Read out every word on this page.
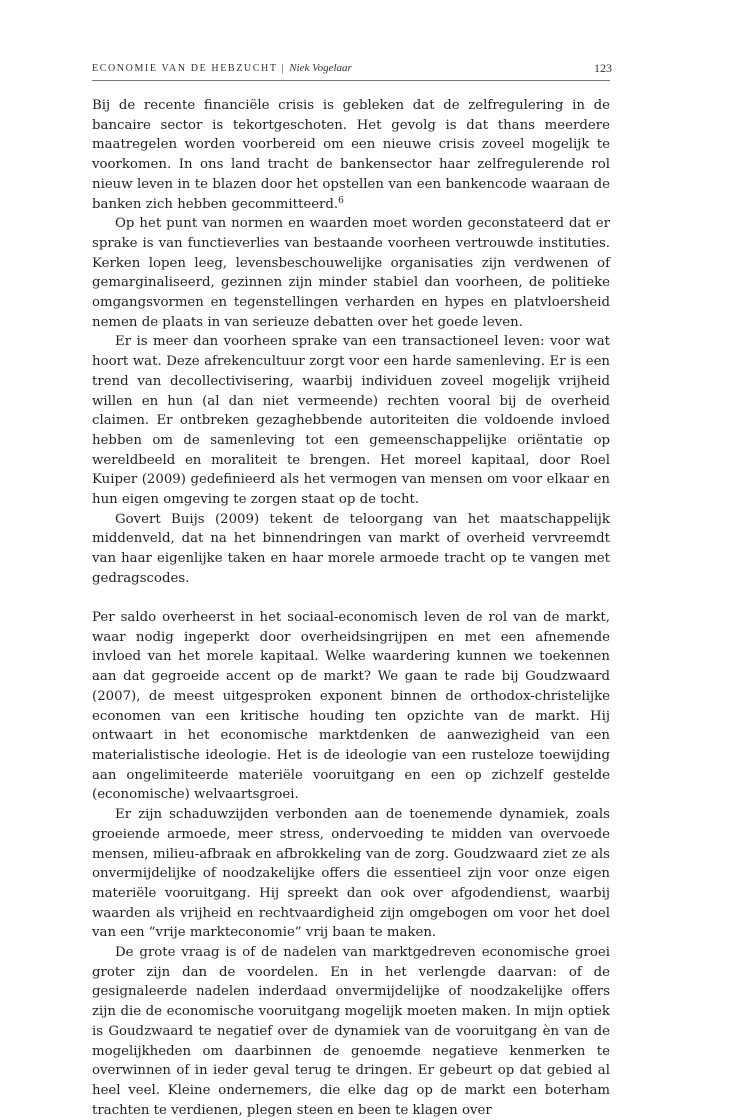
ECONOMIE VAN DE HEBZUCHT | Niek Vogelaar	123

Bij de recente financiële crisis is gebleken dat de zelfregulering in de bancaire sector is tekortgeschoten. Het gevolg is dat thans meerdere maatregelen worden voorbereid om een nieuwe crisis zoveel mogelijk te voorkomen. In ons land tracht de bankensector haar zelfregulerende rol nieuw leven in te blazen door het opstellen van een bankencode waaraan de banken zich hebben gecommitteerd.$^6$

Op het punt van normen en waarden moet worden geconstateerd dat er sprake is van functieverlies van bestaande voorheen vertrouwde instituties. Kerken lopen leeg, levensbeschouwelijke organisaties zijn verdwenen of gemarginaliseerd, gezinnen zijn minder stabiel dan voorheen, de politieke omgangsvormen en tegenstellingen verharden en hypes en platvloersheid nemen de plaats in van serieuze debatten over het goede leven.

Er is meer dan voorheen sprake van een transactioneel leven: voor wat hoort wat. Deze afrekencultuur zorgt voor een harde samenleving. Er is een trend van decollectivisering, waarbij individuen zoveel mogelijk vrijheid willen en hun (al dan niet vermeende) rechten vooral bij de overheid claimen. Er ontbreken gezaghebbende autoriteiten die voldoende invloed hebben om de samenleving tot een gemeenschappelijke oriëntatie op wereldbeeld en moraliteit te brengen. Het moreel kapitaal, door Roel Kuiper (2009) gedefinieerd als het vermogen van mensen om voor elkaar en hun eigen omgeving te zorgen staat op de tocht.

Govert Buijs (2009) tekent de teloorgang van het maatschappelijk middenveld, dat na het binnendringen van markt of overheid vervreemdt van haar eigenlijke taken en haar morele armoede tracht op te vangen met gedragscodes.

Per saldo overheerst in het sociaal-economisch leven de rol van de markt, waar nodig ingeperkt door overheidsingrijpen en met een afnemende invloed van het morele kapitaal. Welke waardering kunnen we toekennen aan dat gegroeide accent op de markt? We gaan te rade bij Goudzwaard (2007), de meest uitgesproken exponent binnen de orthodox-christelijke economen van een kritische houding ten opzichte van de markt. Hij ontwaart in het economische marktdenken de aanwezigheid van een materialistische ideologie. Het is de ideologie van een rusteloze toewijding aan ongelimiteerde materiële vooruitgang en een op zichzelf gestelde (economische) welvaartsgroei.

Er zijn schaduwzijden verbonden aan de toenemende dynamiek, zoals groeiende armoede, meer stress, ondervoeding te midden van overvoede mensen, milieu-afbraak en afbrokkeling van de zorg. Goudzwaard ziet ze als onvermijdelijke of noodzakelijke offers die essentieel zijn voor onze eigen materiële vooruitgang. Hij spreekt dan ook over afgodendienst, waarbij waarden als vrijheid en rechtvaardigheid zijn omgebogen om voor het doel van een “vrije markteconomie” vrij baan te maken.

De grote vraag is of de nadelen van marktgedreven economische groei groter zijn dan de voordelen. En in het verlengde daarvan: of de gesignaleerde nadelen inderdaad onvermijdelijke of noodzakelijke offers zijn die de economische vooruitgang mogelijk moeten maken. In mijn optiek is Goudzwaard te negatief over de dynamiek van de vooruitgang èn van de mogelijkheden om daarbinnen de genoemde negatieve kenmerken te overwinnen of in ieder geval terug te dringen. Er gebeurt op dat gebied al heel veel. Kleine ondernemers, die elke dag op de markt een boterham trachten te verdienen, plegen steen en been te klagen over
